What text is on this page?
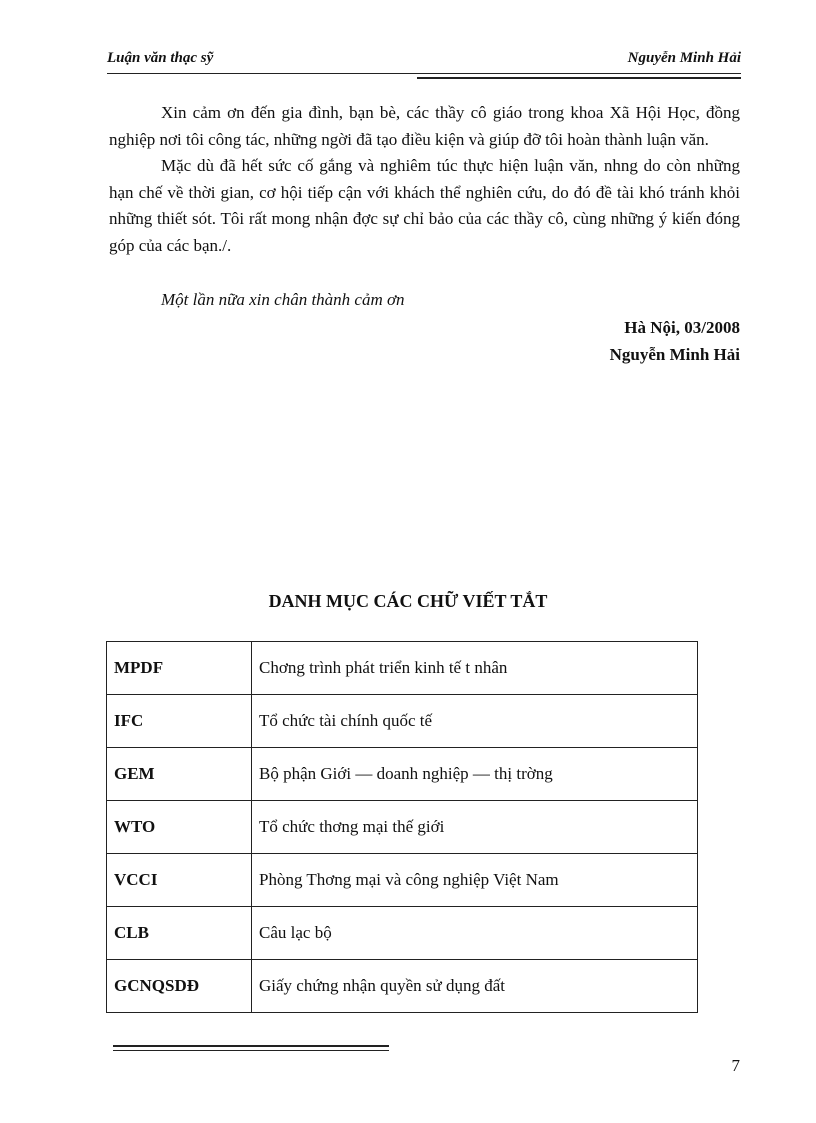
Luận văn thạc sỹ	Nguyễn Minh Hải

Xin cảm ơn đến gia đình, bạn bè, các thầy cô giáo trong khoa Xã Hội Học, đồng nghiệp nơi tôi công tác, những ngời đã tạo điều kiện và giúp đỡ tôi hoàn thành luận văn.

Mặc dù đã hết sức cố gắng và nghiêm túc thực hiện luận văn, nhng do còn những hạn chế về thời gian, cơ hội tiếp cận với khách thể nghiên cứu, do đó đề tài khó tránh khỏi những thiết sót. Tôi rất mong nhận đợc sự chỉ bảo của các thầy cô, cùng những ý kiến đóng góp của các bạn./.

Một lần nữa xin chân thành cảm ơn
Hà Nội, 03/2008
Nguyễn Minh Hải
DANH MỤC CÁC CHỮ VIẾT TẮT
MPDF	Chơng trình phát triển kinh tế t nhân
IFC	Tổ chức tài chính quốc tế
GEM	Bộ phận Giới — doanh nghiệp — thị trờng
WTO	Tổ chức thơng mại thế giới
VCCI	Phòng Thơng mại và công nghiệp Việt Nam
CLB	Câu lạc bộ
GCNQSDĐ	Giấy chứng nhận quyền sử dụng đất
7
